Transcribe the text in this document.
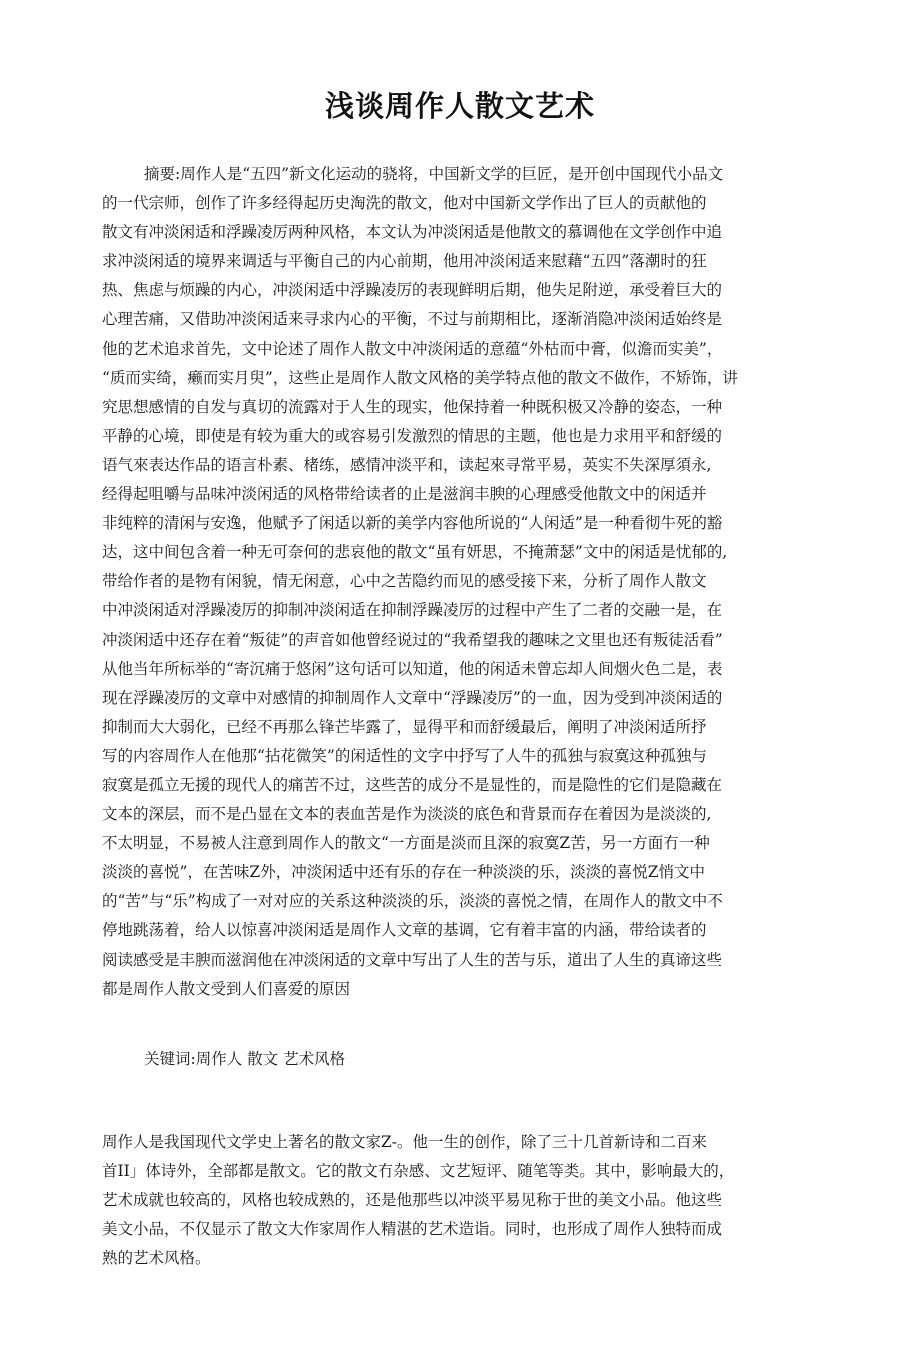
浅谈周作人散文艺术
摘要:周作人是“五四”新文化运动的骁将，中国新文学的巨匠，是开创中国现代小品文
的一代宗师，创作了许多经得起历史淘洗的散文，他对中国新文学作出了巨人的贡献他的
散文有冲淡闲适和浮躁凌厉两种风格，本文认为冲淡闲适是他散文的慕调他在文学创作中追
求冲淡闲适的境界来调适与平衡自己的内心前期，他用冲淡闲适来慰藉“五四”落潮时的狂
热、焦虑与烦躁的内心，冲淡闲适中浮躁凌厉的表现鲜明后期，他失足附逆，承受着巨大的
心理苦痛，又借助冲淡闲适来寻求内心的平衡，不过与前期相比，逐渐消隐冲淡闲适始终是
他的艺术追求首先，文中论述了周作人散文中冲淡闲适的意蕴“外枯而中膏，似澹而实美”，
“质而实绮，癞而实月臾”，这些止是周作人散文风格的美学特点他的散文不做作，不矫饰，讲
究思想感情的自发与真切的流露对于人生的现实，他保持着一种既积极又冷静的姿态，一种
平静的心境，即使是有较为重大的或容易引发激烈的情思的主题，他也是力求用平和舒缓的
语气來表达作品的语言朴素、楮练，感情冲淡平和，读起來寻常平易，英实不失深厚須永,
经得起咀嚼与品味冲淡闲适的风格带给读者的止是滋润丰腴的心理感受他散文中的闲适并
非纯粹的清闲与安逸，他赋予了闲适以新的美学内容他所说的“人闲适”是一种看彻牛死的豁
达，这中间包含着一种无可奈何的悲哀他的散文“虽有妍思，不掩萧瑟”文中的闲适是忧郁的,
带给作者的是物有闲貌，情无闲意，心中之苦隐约而见的感受接下来，分析了周作人散文
中冲淡闲适对浮躁凌厉的抑制冲淡闲适在抑制浮躁凌厉的过程中产生了二者的交融一是，在
冲淡闲适中还存在着“叛徒”的声音如他曾经说过的“我希望我的趣味之文里也还有叛徒活看”
从他当年所标举的“寄沉痛于悠闲”这句话可以知道，他的闲适未曾忘却人间烟火色二是，表
现在浮躁凌厉的文章中对感情的抑制周作人文章中“浮躁凌厉”的一血，因为受到冲淡闲适的
抑制而大大弱化，已经不再那么锋芒毕露了，显得平和而舒缓最后，阐明了冲淡闲适所抒
写的内容周作人在他那“拈花微笑”的闲适性的文字中抒写了人牛的孤独与寂寞这种孤独与
寂寞是孤立无援的现代人的痛苦不过，这些苦的成分不是显性的，而是隐性的它们是隐藏在
文本的深层，而不是凸显在文本的表血苦是作为淡淡的底色和背景而存在着因为是淡淡的,
不太明显，不易被人注意到周作人的散文“一方面是淡而且深的寂寞Z苦，另一方面冇一种
淡淡的喜悦”，在苦味Z外，冲淡闲适中还有乐的存在一种淡淡的乐，淡淡的喜悦Z悄文中
的“苦”与“乐”构成了一对对应的关系这种淡淡的乐，淡淡的喜悦之情，在周作人的散文中不
停地跳荡着，给人以惊喜冲淡闲适是周作人文章的基调，它有着丰富的内涵，带给读者的
阅读感受是丰腴而滋润他在冲淡闲适的文章中写出了人生的苦与乐，道出了人生的真谛这些
都是周作人散文受到人们喜爱的原因
关键词:周作人 散文 艺术风格
周作人是我国现代文学史上著名的散文家Z-。他一生的创作，除了三十几首新诗和二百来
首II」体诗外，全部都是散文。它的散文冇杂感、文艺短评、随笔等类。其中，影响最大的，
艺术成就也较高的，风格也较成熟的，还是他那些以冲淡平易见称于世的美文小品。他这些
美文小品，不仅显示了散文大作家周作人精湛的艺术造诣。同时，也形成了周作人独特而成
熟的艺术风格。
